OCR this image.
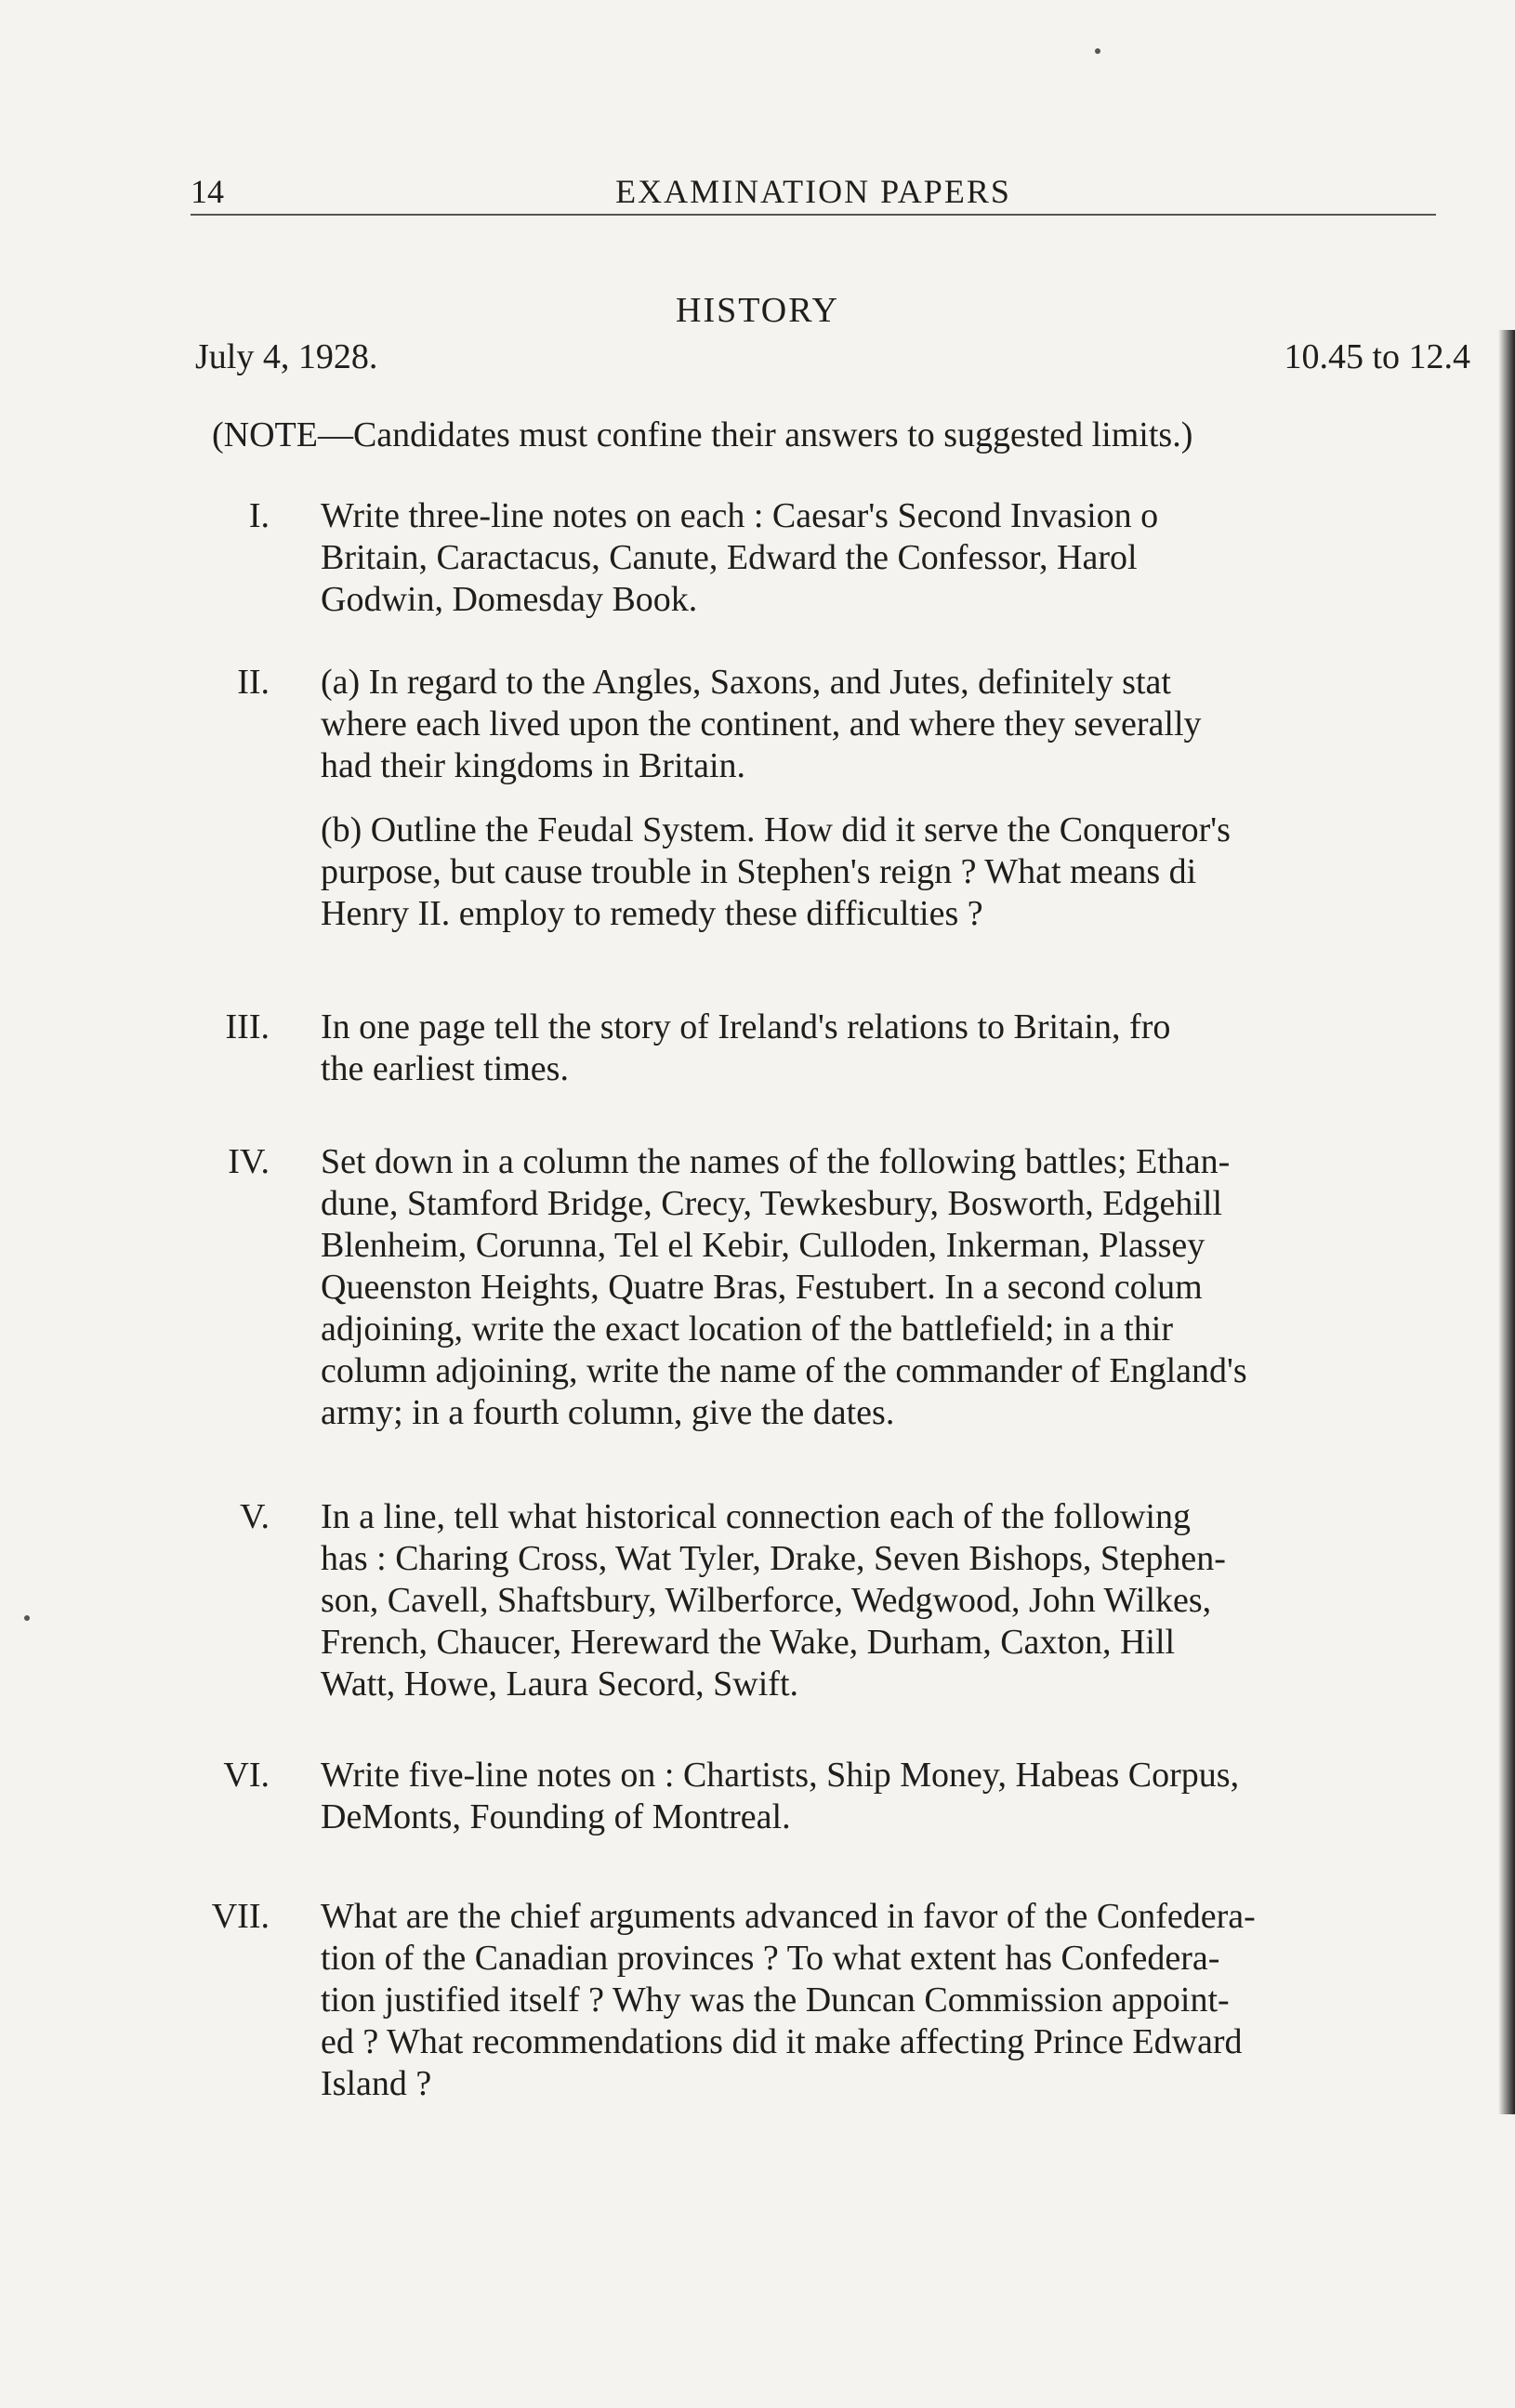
14	EXAMINATION PAPERS
HISTORY
July 4, 1928.	10.45 to 12.4
(NOTE—Candidates must confine their answers to suggested limits.)
I. Write three-line notes on each : Caesar's Second Invasion o
Britain, Caractacus, Canute, Edward the Confessor, Harol
Godwin, Domesday Book.
II. (a) In regard to the Angles, Saxons, and Jutes, definitely stat
where each lived upon the continent, and where they severally
had their kingdoms in Britain.
(b) Outline the Feudal System. How did it serve the Conqueror's
purpose, but cause trouble in Stephen's reign ? What means di
Henry II. employ to remedy these difficulties ?
III. In one page tell the story of Ireland's relations to Britain, fro
the earliest times.
IV. Set down in a column the names of the following battles; Ethan-
dune, Stamford Bridge, Crecy, Tewkesbury, Bosworth, Edgehill
Blenheim, Corunna, Tel el Kebir, Culloden, Inkerman, Plassey
Queenston Heights, Quatre Bras, Festubert. In a second colum
adjoining, write the exact location of the battlefield; in a thir
column adjoining, write the name of the commander of England's
army; in a fourth column, give the dates.
V. In a line, tell what historical connection each of the following
has : Charing Cross, Wat Tyler, Drake, Seven Bishops, Stephen-
son, Cavell, Shaftsbury, Wilberforce, Wedgwood, John Wilkes,
French, Chaucer, Hereward the Wake, Durham, Caxton, Hill
Watt, Howe, Laura Secord, Swift.
VI. Write five-line notes on : Chartists, Ship Money, Habeas Corpus,
DeMonts, Founding of Montreal.
VII. What are the chief arguments advanced in favor of the Confedera-
tion of the Canadian provinces ? To what extent has Confedera-
tion justified itself ? Why was the Duncan Commission appoint-
ed ? What recommendations did it make affecting Prince Edward
Island ?
